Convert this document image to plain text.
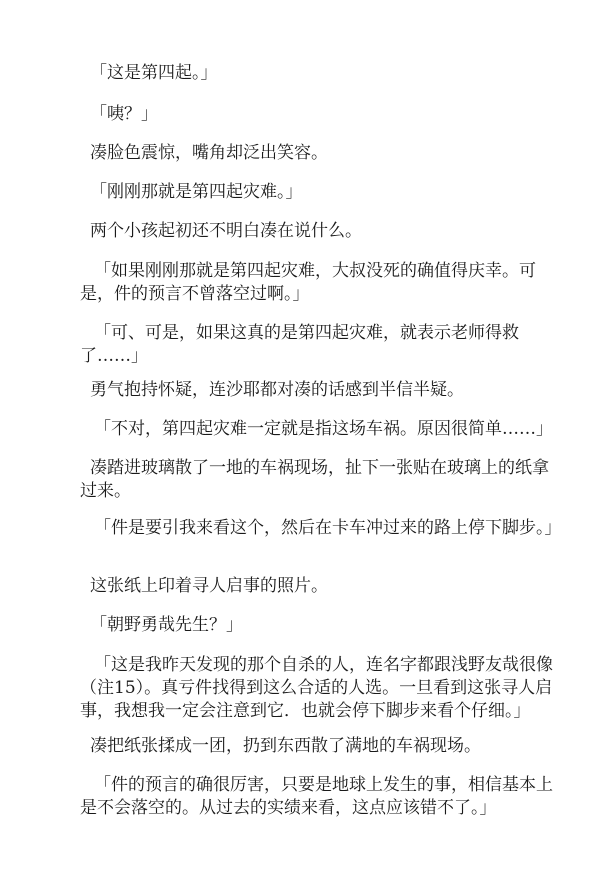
「这是第四起。」

「咦？」

凑脸色震惊，嘴角却泛出笑容。

「刚刚那就是第四起灾难。」

两个小孩起初还不明白凑在说什么。

「如果刚刚那就是第四起灾难，大叔没死的确值得庆幸。可是，件的预言不曾落空过啊。」

「可、可是，如果这真的是第四起灾难，就表示老师得救了……」

勇气抱持怀疑，连沙耶都对凑的话感到半信半疑。

「不对，第四起灾难一定就是指这场车祸。原因很简单……」

凑踏进玻璃散了一地的车祸现场，扯下一张贴在玻璃上的纸拿过来。

「件是要引我来看这个，然后在卡车冲过来的路上停下脚步。」

这张纸上印着寻人启事的照片。

「朝野勇哉先生？」

「这是我昨天发现的那个自杀的人，连名字都跟浅野友哉很像（注15）。真亏件找得到这么合适的人选。一旦看到这张寻人启事，我想我一定会注意到它．也就会停下脚步来看个仔细。」

凑把纸张揉成一团，扔到东西散了满地的车祸现场。

「件的预言的确很厉害，只要是地球上发生的事，相信基本上是不会落空的。从过去的实绩来看，这点应该错不了。」
